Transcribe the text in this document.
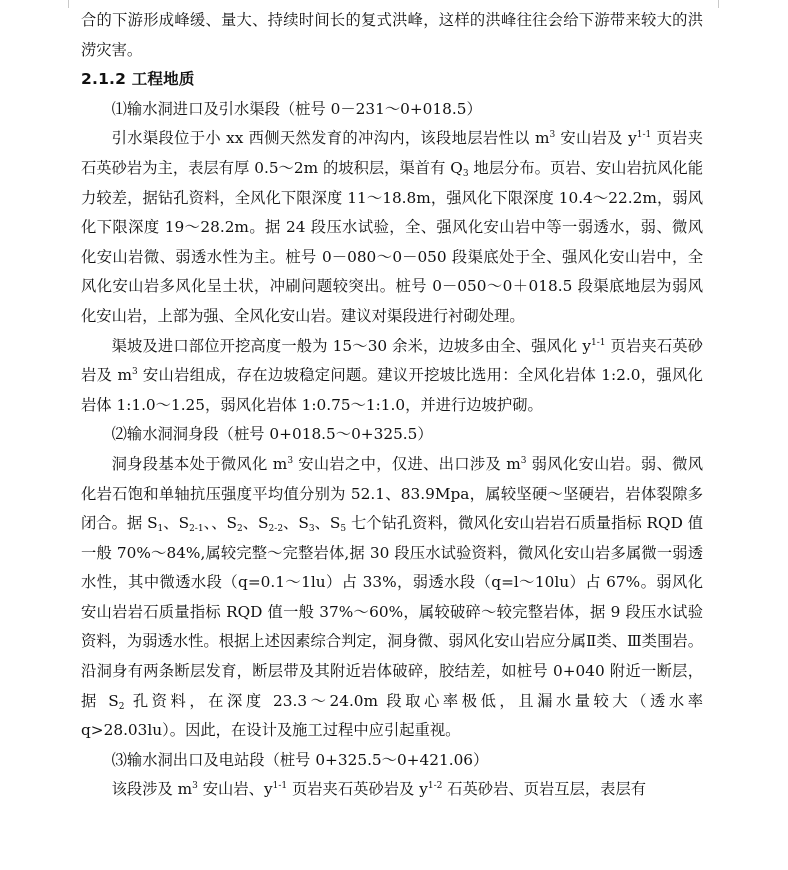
合的下游形成峰缓、量大、持续时间长的复式洪峰，这样的洪峰往往会给下游带来较大的洪涝灾害。

2.1.2 工程地质

⑴输水洞进口及引水渠段（桩号 0－231～0+018.5）

引水渠段位于小 xx 西侧天然发育的冲沟内，该段地层岩性以 $m^3$ 安山岩及 $y^{1-1}$ 页岩夹石英砂岩为主，表层有厚 0.5～2m 的坡积层，渠首有 $Q_3$ 地层分布。页岩、安山岩抗风化能力较差，据钻孔资料，全风化下限深度 11～18.8m，强风化下限深度 10.4～22.2m，弱风化下限深度 19～28.2m。据 24 段压水试验，全、强风化安山岩中等一弱透水，弱、微风化安山岩微、弱透水性为主。桩号 0－080～0－050 段渠底处于全、强风化安山岩中，全风化安山岩多风化呈土状，冲刷问题较突出。桩号 0－050～0＋018.5 段渠底地层为弱风化安山岩，上部为强、全风化安山岩。建议对渠段进行衬砌处理。

渠坡及进口部位开挖高度一般为 15～30 余米，边坡多由全、强风化 $y^{1-1}$ 页岩夹石英砂岩及 $m^3$ 安山岩组成，存在边坡稳定问题。建议开挖坡比选用：全风化岩体 1:2.0，强风化岩体 1:1.0～1.25，弱风化岩体 1:0.75～1:1.0，并进行边坡护砌。

⑵输水洞洞身段（桩号 0+018.5～0+325.5）

洞身段基本处于微风化 $m^3$ 安山岩之中，仅进、出口涉及 $m^3$ 弱风化安山岩。弱、微风化岩石饱和单轴抗压强度平均值分别为 52.1、83.9Mpa，属较坚硬～坚硬岩，岩体裂隙多闭合。据 $S_1$、$S_{2-1}$、、$S_2$、$S_{2-2}$、$S_3$、$S_5$ 七个钻孔资料，微风化安山岩岩石质量指标 RQD 值一般 70%～84%,属较完整～完整岩体,据 30 段压水试验资料，微风化安山岩多属微一弱透水性，其中微透水段（q=0.1～1lu）占 33%，弱透水段（q=l～10lu）占 67%。弱风化安山岩岩石质量指标 RQD 值一般 37%～60%，属较破碎～较完整岩体，据 9 段压水试验资料，为弱透水性。根据上述因素综合判定，洞身微、弱风化安山岩应分属Ⅱ类、Ⅲ类围岩。沿洞身有两条断层发育，断层带及其附近岩体破碎，胶结差，如桩号 0+040 附近一断层，据 $S_2$ 孔资料，在深度 23.3～24.0m 段取心率极低，且漏水量较大（透水率 q>28.03lu）。因此，在设计及施工过程中应引起重视。

⑶输水洞出口及电站段（桩号 0+325.5～0+421.06）

该段涉及 $m^3$ 安山岩、$y^{1-1}$ 页岩夹石英砂岩及 $y^{1-2}$ 石英砂岩、页岩互层，表层有
